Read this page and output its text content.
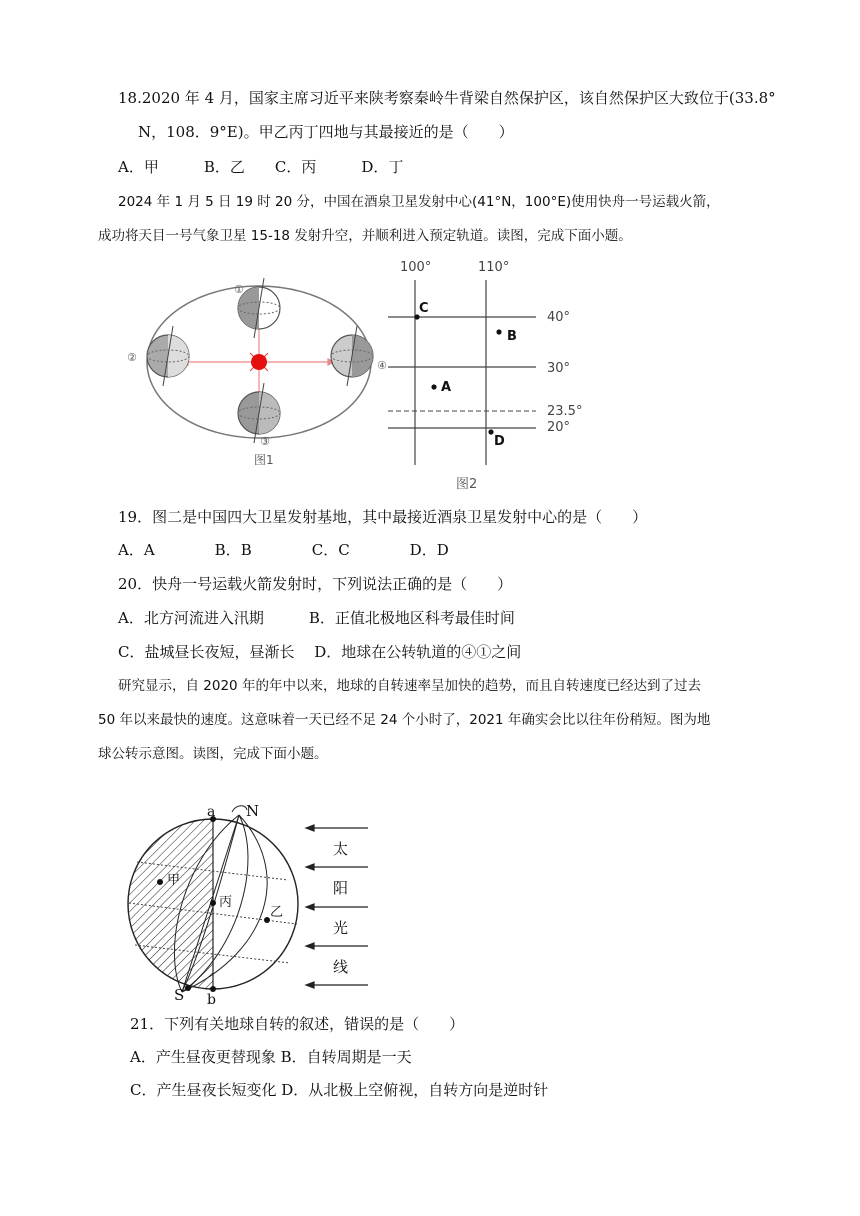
18.2020 年 4 月，国家主席习近平来陕考察秦岭牛背梁自然保护区，该自然保护区大致位于(33.8°
N，108．9°E)。甲乙丙丁四地与其最接近的是（　　）
A．甲　　　B．乙　　C．丙　　　D．丁
2024 年 1 月 5 日 19 时 20 分，中国在酒泉卫星发射中心(41°N，100°E)使用快舟一号运载火箭，
成功将天目一号气象卫星 15-18 发射升空，并顺利进入预定轨道。读图，完成下面小题。
①
②
③
④
图1
100°	110°
40°
30°
23.5°
20°
A
B
C
D
图2
19．图二是中国四大卫星发射基地，其中最接近酒泉卫星发射中心的是（　　）
A．A　　　　B．B　　　　C．C　　　　D．D
20．快舟一号运载火箭发射时，下列说法正确的是（　　）
A．北方河流进入汛期　　　B．正值北极地区科考最佳时间
C．盐城昼长夜短，昼渐长　 D．地球在公转轨道的④①之间
研究显示，自 2020 年的年中以来，地球的自转速率呈加快的趋势，而且自转速度已经达到了过去
50 年以来最快的速度。这意味着一天已经不足 24 个小时了，2021 年确实会比以往年份稍短。图为地
球公转示意图。读图，完成下面小题。
a N
甲
丙
乙
S b
太
阳
光
线
21．下列有关地球自转的叙述，错误的是（　　）
A．产生昼夜更替现象 B．自转周期是一天
C．产生昼夜长短变化 D．从北极上空俯视，自转方向是逆时针
